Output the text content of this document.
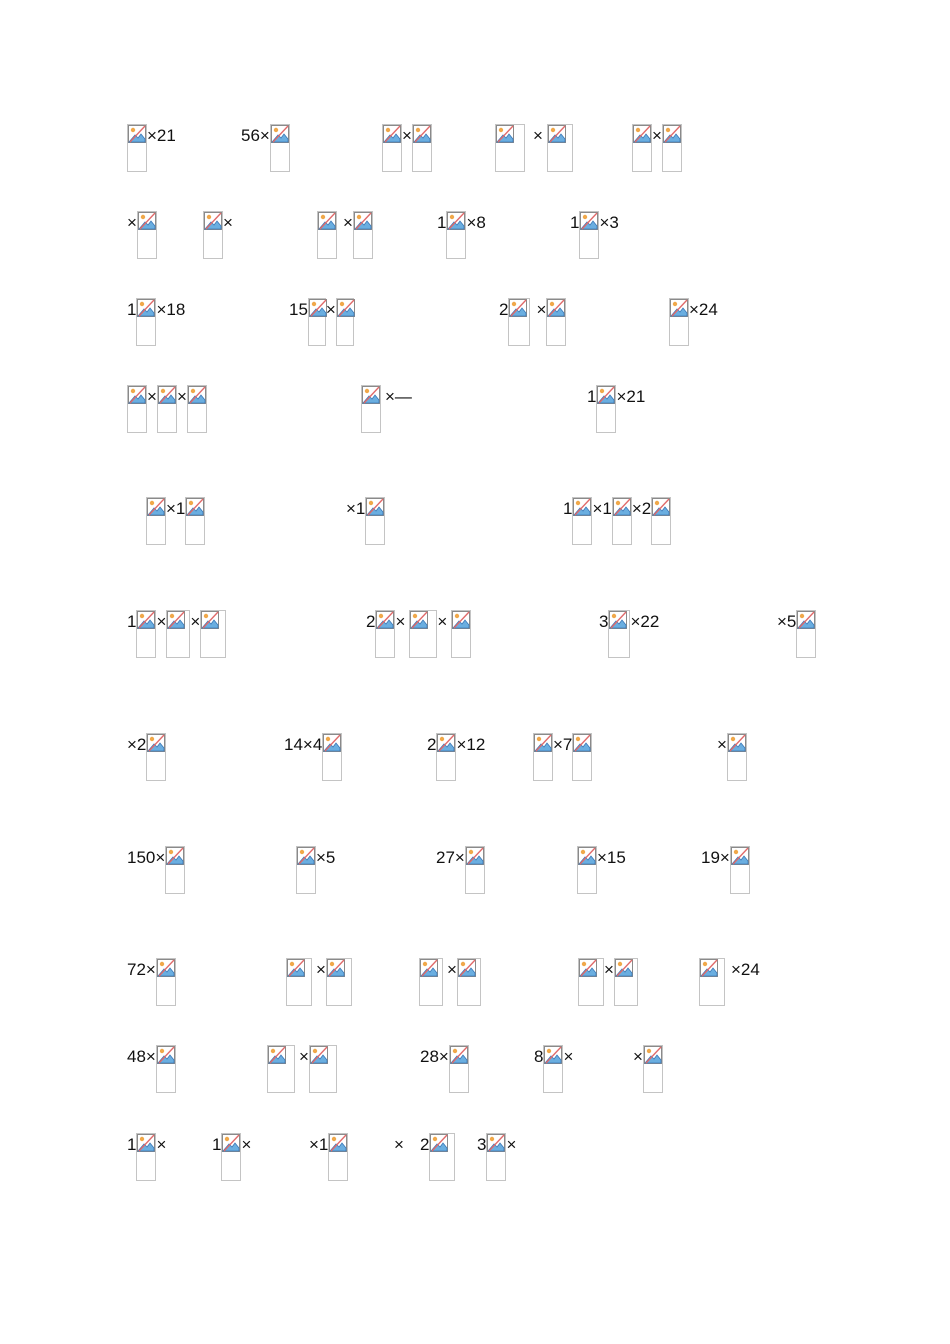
×21	56×	×	×	×
×	×	×	1 ×8	1 ×3
1 ×18	15 ×	2 ×	×24
× ×	×—	1 ×21
×1	×1	1 ×1 ×2
1 × ×	2 × ×	3 ×22	×5
×2	14×4	2 ×12	×7	×
150×	×5	27×	×15	19×
72×	×	×	×	×24
48×	×	28×	8 ×	×
1 ×	1 ×	×1	× 2	3 ×
